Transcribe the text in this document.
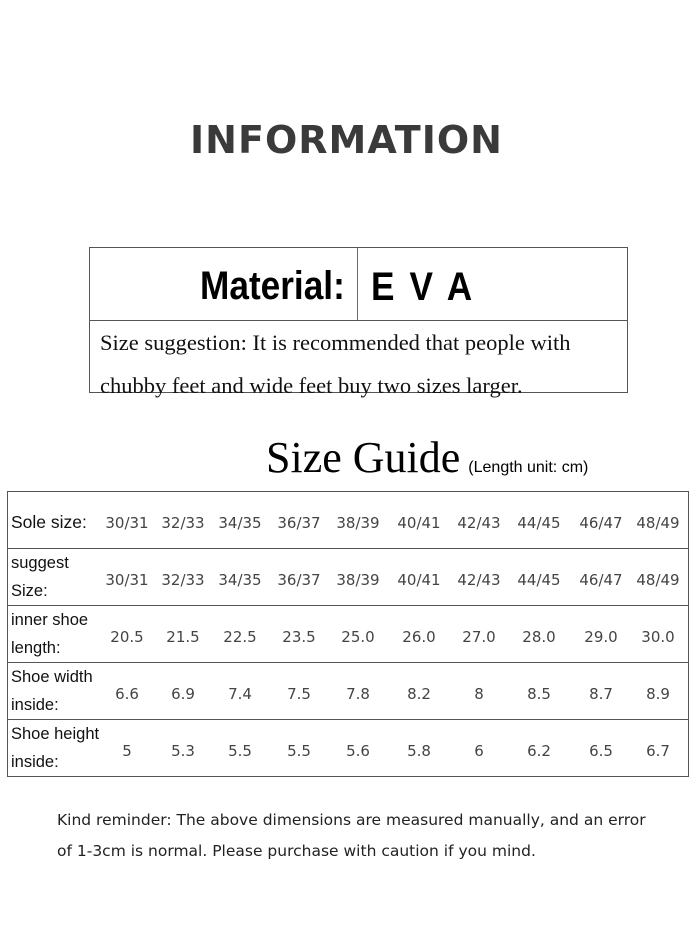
INFORMATION
Material: E V A
Size suggestion: It is recommended that people with
chubby feet and wide feet buy two sizes larger.
Size Guide (Length unit: cm)
Sole size:	30/31 32/33 34/35	36/37	38/39	40/41	42/43	44/45	46/47 48/49
suggest
Size:
30/31 32/33 34/35	36/37	38/39	40/41	42/43	44/45	46/47 48/49
inner shoe
length:
20.5	21.5	22.5	23.5	25.0	26.0	27.0	28.0	29.0	30.0
Shoe width
inside:
6.6	6.9	7.4	7.5	7.8	8.2	8	8.5	8.7	8.9
Shoe height
inside:
5	5.3	5.5	5.5	5.6	5.8	6	6.2	6.5	6.7
Kind reminder: The above dimensions are measured manually, and an error
of 1-3cm is normal. Please purchase with caution if you mind.
